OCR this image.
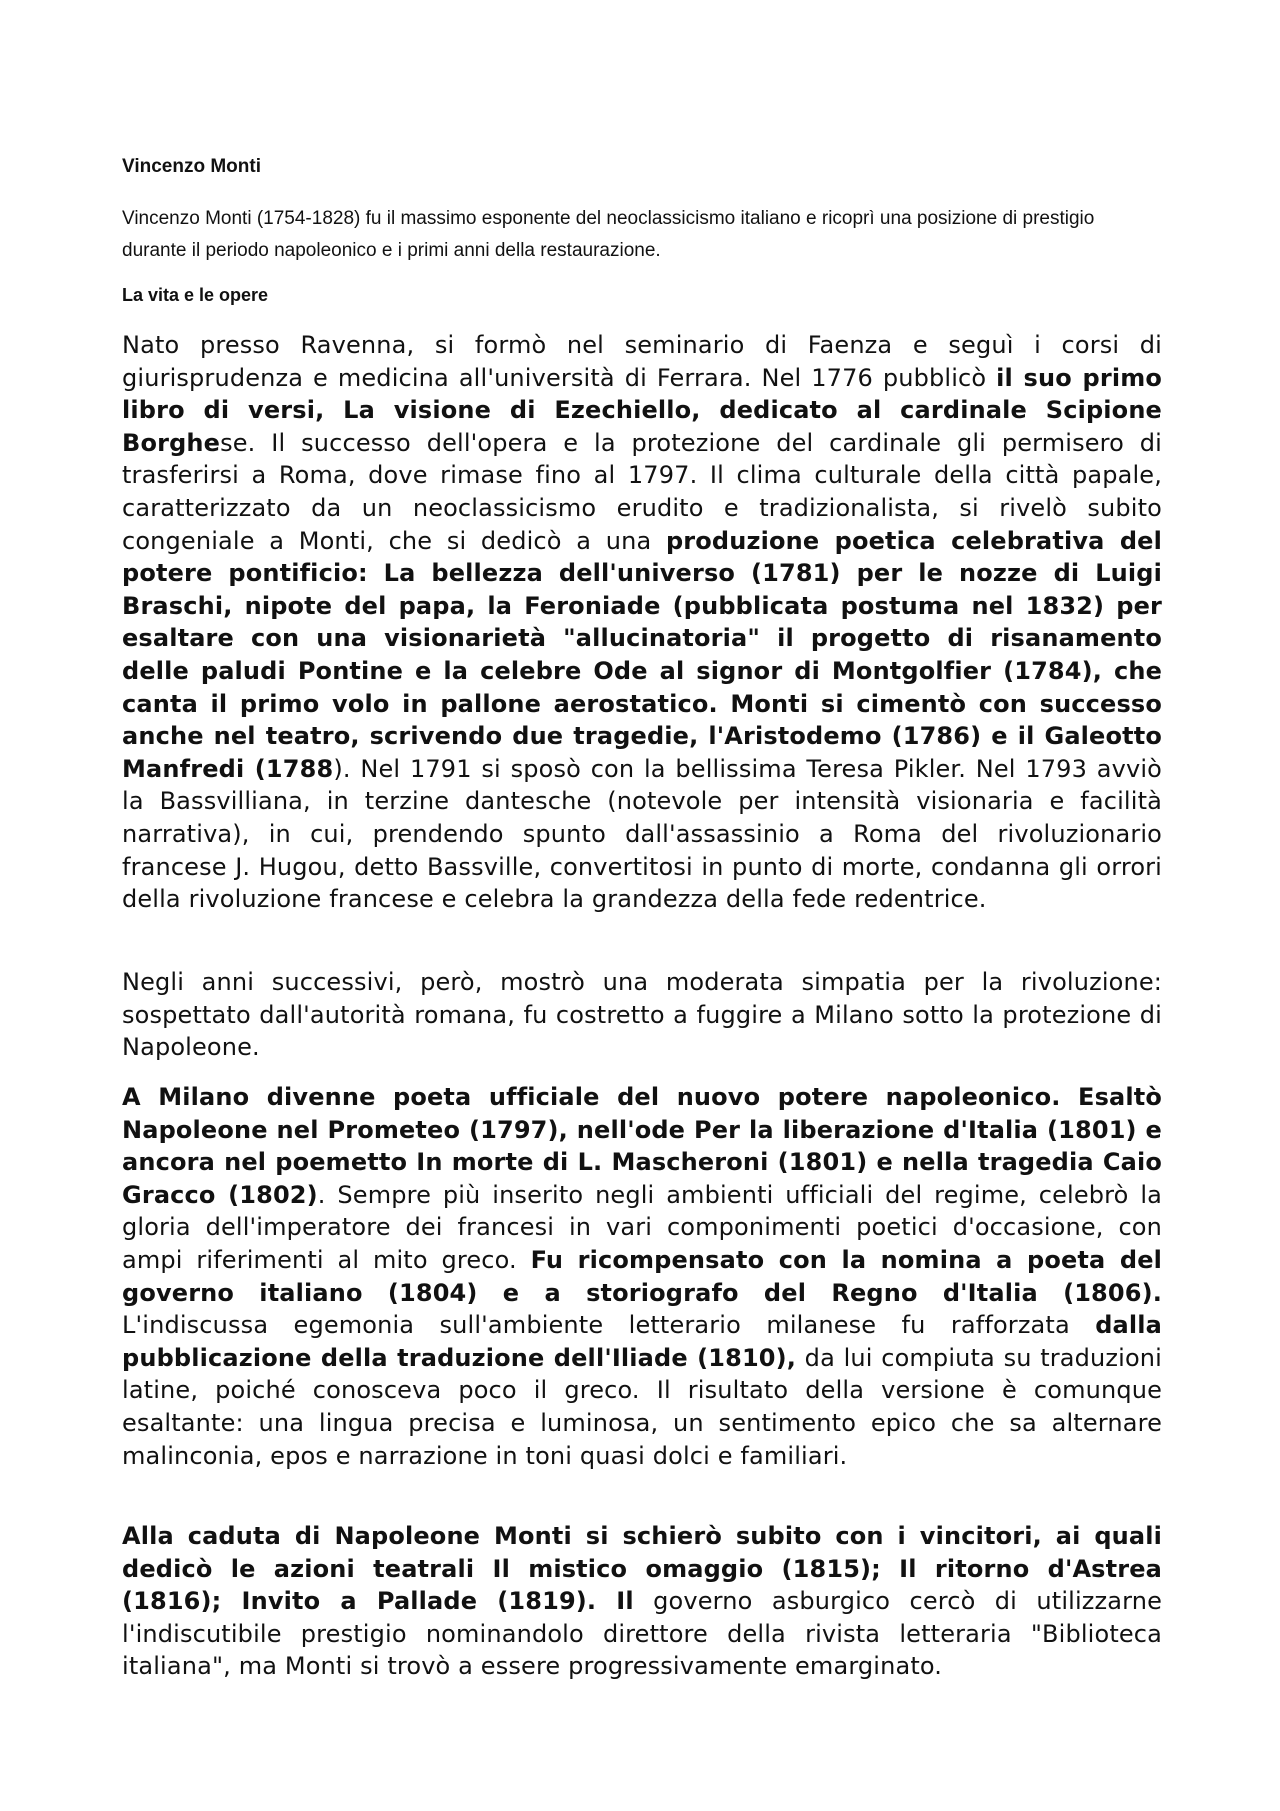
Vincenzo Monti

Vincenzo Monti (1754-1828) fu il massimo esponente del neoclassicismo italiano e ricoprì una posizione di prestigio durante il periodo napoleonico e i primi anni della restaurazione.

La vita e le opere

Nato presso Ravenna, si formò nel seminario di Faenza e seguì i corsi di giurisprudenza e medicina all'università di Ferrara. Nel 1776 pubblicò il suo primo libro di versi, La visione di Ezechiello, dedicato al cardinale Scipione Borghese. Il successo dell'opera e la protezione del cardinale gli permisero di trasferirsi a Roma, dove rimase fino al 1797. Il clima culturale della città papale, caratterizzato da un neoclassicismo erudito e tradizionalista, si rivelò subito congeniale a Monti, che si dedicò a una produzione poetica celebrativa del potere pontificio: La bellezza dell'universo (1781) per le nozze di Luigi Braschi, nipote del papa, la Feroniade (pubblicata postuma nel 1832) per esaltare con una visionarietà "allucinatoria" il progetto di risanamento delle paludi Pontine e la celebre Ode al signor di Montgolfier (1784), che canta il primo volo in pallone aerostatico. Monti si cimentò con successo anche nel teatro, scrivendo due tragedie, l'Aristodemo (1786) e il Galeotto Manfredi (1788). Nel 1791 si sposò con la bellissima Teresa Pikler. Nel 1793 avviò la Bassvilliana, in terzine dantesche (notevole per intensità visionaria e facilità narrativa), in cui, prendendo spunto dall'assassinio a Roma del rivoluzionario francese J. Hugou, detto Bassville, convertitosi in punto di morte, condanna gli orrori della rivoluzione francese e celebra la grandezza della fede redentrice.

Negli anni successivi, però, mostrò una moderata simpatia per la rivoluzione: sospettato dall'autorità romana, fu costretto a fuggire a Milano sotto la protezione di Napoleone.

A Milano divenne poeta ufficiale del nuovo potere napoleonico. Esaltò Napoleone nel Prometeo (1797), nell'ode Per la liberazione d'Italia (1801) e ancora nel poemetto In morte di L. Mascheroni (1801) e nella tragedia Caio Gracco (1802). Sempre più inserito negli ambienti ufficiali del regime, celebrò la gloria dell'imperatore dei francesi in vari componimenti poetici d'occasione, con ampi riferimenti al mito greco. Fu ricompensato con la nomina a poeta del governo italiano (1804) e a storiografo del Regno d'Italia (1806). L'indiscussa egemonia sull'ambiente letterario milanese fu rafforzata dalla pubblicazione della traduzione dell'Iliade (1810), da lui compiuta su traduzioni latine, poiché conosceva poco il greco. Il risultato della versione è comunque esaltante: una lingua precisa e luminosa, un sentimento epico che sa alternare malinconia, epos e narrazione in toni quasi dolci e familiari.

Alla caduta di Napoleone Monti si schierò subito con i vincitori, ai quali dedicò le azioni teatrali Il mistico omaggio (1815); Il ritorno d'Astrea (1816); Invito a Pallade (1819). Il governo asburgico cercò di utilizzarne l'indiscutibile prestigio nominandolo direttore della rivista letteraria "Biblioteca italiana", ma Monti si trovò a essere progressivamente emarginato.
